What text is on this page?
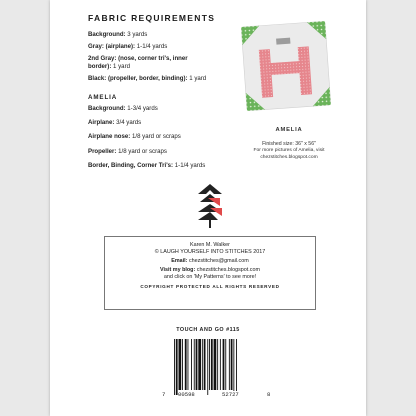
FABRIC REQUIREMENTS
Background: 3 yards
Gray: (airplane): 1-1/4 yards
2nd Gray: (nose, corner tri's, inner border): 1 yard
Black: (propeller, border, binding): 1 yard
AMELIA
Background: 1-3/4 yards
Airplane: 3/4 yards
Airplane nose: 1/8 yard or scraps
Propeller: 1/8 yard or scraps
Border, Binding, Corner Tri's: 1-1/4 yards
AMELIA
Finished size: 36" x 56"
For more pictures of Amelia, visit
chezstitches.blogspot.com
Karen M. Walker
© LAUGH YOURSELF INTO STITCHES 2017
Email: chezstitches@gmail.com
Visit my blog: chezstitches.blogspot.com
and click on 'My Patterns' to see more!
COPYRIGHT PROTECTED ALL RIGHTS RESERVED
TOUCH AND GO #115
7 00598	52727	8
